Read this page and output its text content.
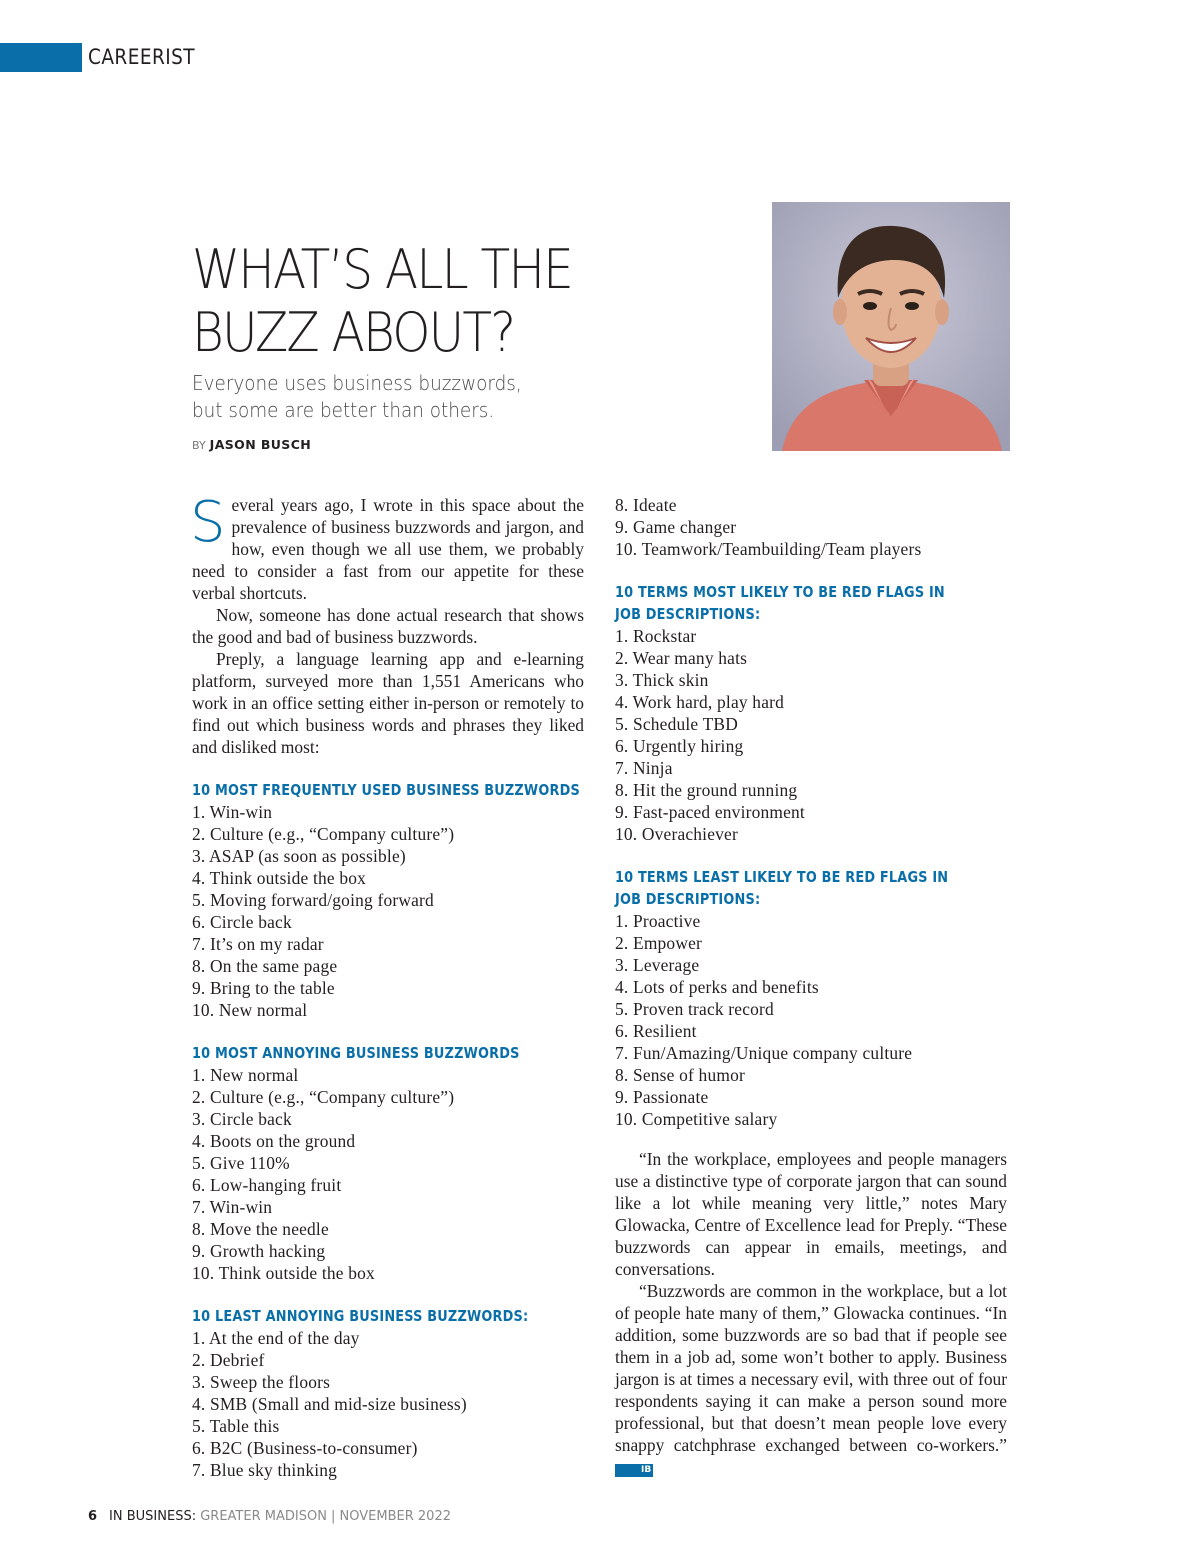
CAREERIST
WHAT’S ALL THE
BUZZ ABOUT?
Everyone uses business buzzwords,
but some are better than others.
BY JASON BUSCH

Several years ago, I wrote in this space about the prevalence of business buzzwords and jargon, and how, even though we all use them, we probably need to consider a fast from our appetite for these verbal shortcuts.

Now, someone has done actual research that shows the good and bad of business buzzwords.

Preply, a language learning app and e-learning platform, surveyed more than 1,551 Americans who work in an office setting either in-person or remotely to find out which business words and phrases they liked and disliked most:

10 MOST FREQUENTLY USED BUSINESS BUZZWORDS
1. Win-win
2. Culture (e.g., “Company culture”)
3. ASAP (as soon as possible)
4. Think outside the box
5. Moving forward/going forward
6. Circle back
7. It’s on my radar
8. On the same page
9. Bring to the table
10. New normal
10 MOST ANNOYING BUSINESS BUZZWORDS
1. New normal
2. Culture (e.g., “Company culture”)
3. Circle back
4. Boots on the ground
5. Give 110%
6. Low-hanging fruit
7. Win-win
8. Move the needle
9. Growth hacking
10. Think outside the box
10 LEAST ANNOYING BUSINESS BUZZWORDS:
1. At the end of the day
2. Debrief
3. Sweep the floors
4. SMB (Small and mid-size business)
5. Table this
6. B2C (Business-to-consumer)
7. Blue sky thinking
8. Ideate
9. Game changer
10. Teamwork/Teambuilding/Team players
10 TERMS MOST LIKELY TO BE RED FLAGS IN
JOB DESCRIPTIONS:
1. Rockstar
2. Wear many hats
3. Thick skin
4. Work hard, play hard
5. Schedule TBD
6. Urgently hiring
7. Ninja
8. Hit the ground running
9. Fast-paced environment
10. Overachiever
10 TERMS LEAST LIKELY TO BE RED FLAGS IN
JOB DESCRIPTIONS:
1. Proactive
2. Empower
3. Leverage
4. Lots of perks and benefits
5. Proven track record
6. Resilient
7. Fun/Amazing/Unique company culture
8. Sense of humor
9. Passionate
10. Competitive salary

“In the workplace, employees and people managers use a distinctive type of corporate jargon that can sound like a lot while meaning very little,” notes Mary Glowacka, Centre of Excellence lead for Preply. “These buzzwords can appear in emails, meetings, and conversations.

“Buzzwords are common in the workplace, but a lot of people hate many of them,” Glowacka continues. “In addition, some buzzwords are so bad that if people see them in a job ad, some won’t bother to apply. Business jargon is at times a necessary evil, with three out of four respondents saying it can make a person sound more professional, but that doesn’t mean people love every snappy catchphrase exchanged between co-workers.” IB

6 IN BUSINESS: GREATER MADISON | NOVEMBER 2022
